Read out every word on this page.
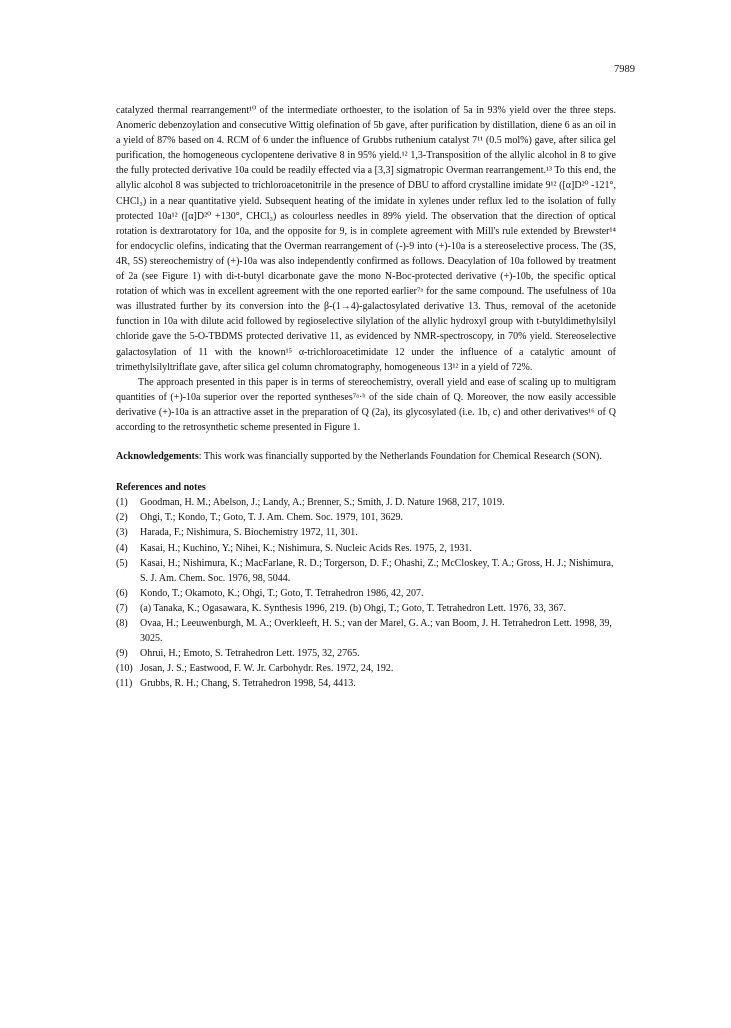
7989

catalyzed thermal rearrangement¹⁰ of the intermediate orthoester, to the isolation of 5a in 93% yield over the three steps. Anomeric debenzoylation and consecutive Wittig olefination of 5b gave, after purification by distillation, diene 6 as an oil in a yield of 87% based on 4. RCM of 6 under the influence of Grubbs ruthenium catalyst 7¹¹ (0.5 mol%) gave, after silica gel purification, the homogeneous cyclopentene derivative 8 in 95% yield.¹² 1,3-Transposition of the allylic alcohol in 8 to give the fully protected derivative 10a could be readily effected via a [3,3] sigmatropic Overman rearrangement.¹³ To this end, the allylic alcohol 8 was subjected to trichloroacetonitrile in the presence of DBU to afford crystalline imidate 9¹² ([α]D²⁰ -121°, CHCl₃) in a near quantitative yield. Subsequent heating of the imidate in xylenes under reflux led to the isolation of fully protected 10a¹² ([α]D²⁰ +130°, CHCl₃) as colourless needles in 89% yield. The observation that the direction of optical rotation is dextrarotatory for 10a, and the opposite for 9, is in complete agreement with Mill's rule extended by Brewster¹⁴ for endocyclic olefins, indicating that the Overman rearrangement of (-)-9 into (+)-10a is a stereoselective process. The (3S, 4R, 5S) stereochemistry of (+)-10a was also independently confirmed as follows. Deacylation of 10a followed by treatment of 2a (see Figure 1) with di-t-butyl dicarbonate gave the mono N-Boc-protected derivative (+)-10b, the specific optical rotation of which was in excellent agreement with the one reported earlier⁷ᵃ for the same compound. The usefulness of 10a was illustrated further by its conversion into the β-(1→4)-galactosylated derivative 13. Thus, removal of the acetonide function in 10a with dilute acid followed by regioselective silylation of the allylic hydroxyl group with t-butyldimethylsilyl chloride gave the 5-O-TBDMS protected derivative 11, as evidenced by NMR-spectroscopy, in 70% yield. Stereoselective galactosylation of 11 with the known¹⁵ α-trichloroacetimidate 12 under the influence of a catalytic amount of trimethylsilyltriflate gave, after silica gel column chromatography, homogeneous 13¹² in a yield of 72%.

The approach presented in this paper is in terms of stereochemistry, overall yield and ease of scaling up to multigram quantities of (+)-10a superior over the reported syntheses⁷ᵃ·ᵇ of the side chain of Q. Moreover, the now easily accessible derivative (+)-10a is an attractive asset in the preparation of Q (2a), its glycosylated (i.e. 1b, c) and other derivatives¹⁶ of Q according to the retrosynthetic scheme presented in Figure 1.

Acknowledgements: This work was financially supported by the Netherlands Foundation for Chemical Research (SON).

References and notes
(1)	Goodman, H. M.; Abelson, J.; Landy, A.; Brenner, S.; Smith, J. D. Nature 1968, 217, 1019.
(2)	Ohgi, T.; Kondo, T.; Goto, T. J. Am. Chem. Soc. 1979, 101, 3629.
(3)	Harada, F.; Nishimura, S. Biochemistry 1972, 11, 301.
(4)	Kasai, H.; Kuchino, Y.; Nihei, K.; Nishimura, S. Nucleic Acids Res. 1975, 2, 1931.
(5)	Kasai, H.; Nishimura, K.; MacFarlane, R. D.; Torgerson, D. F.; Ohashi, Z.; McCloskey, T. A.; Gross, H. J.; Nishimura, S. J. Am. Chem. Soc. 1976, 98, 5044.
(6)	Kondo, T.; Okamoto, K.; Ohgi, T.; Goto, T. Tetrahedron 1986, 42, 207.
(7)	(a) Tanaka, K.; Ogasawara, K. Synthesis 1996, 219. (b) Ohgi, T.; Goto, T. Tetrahedron Lett. 1976, 33, 367.
(8)	Ovaa, H.; Leeuwenburgh, M. A.; Overkleeft, H. S.; van der Marel, G. A.; van Boom, J. H. Tetrahedron Lett. 1998, 39, 3025.
(9)	Ohrui, H.; Emoto, S. Tetrahedron Lett. 1975, 32, 2765.
(10) Josan, J. S.; Eastwood, F. W. Jr. Carbohydr. Res. 1972, 24, 192.
(11) Grubbs, R. H.; Chang, S. Tetrahedron 1998, 54, 4413.
